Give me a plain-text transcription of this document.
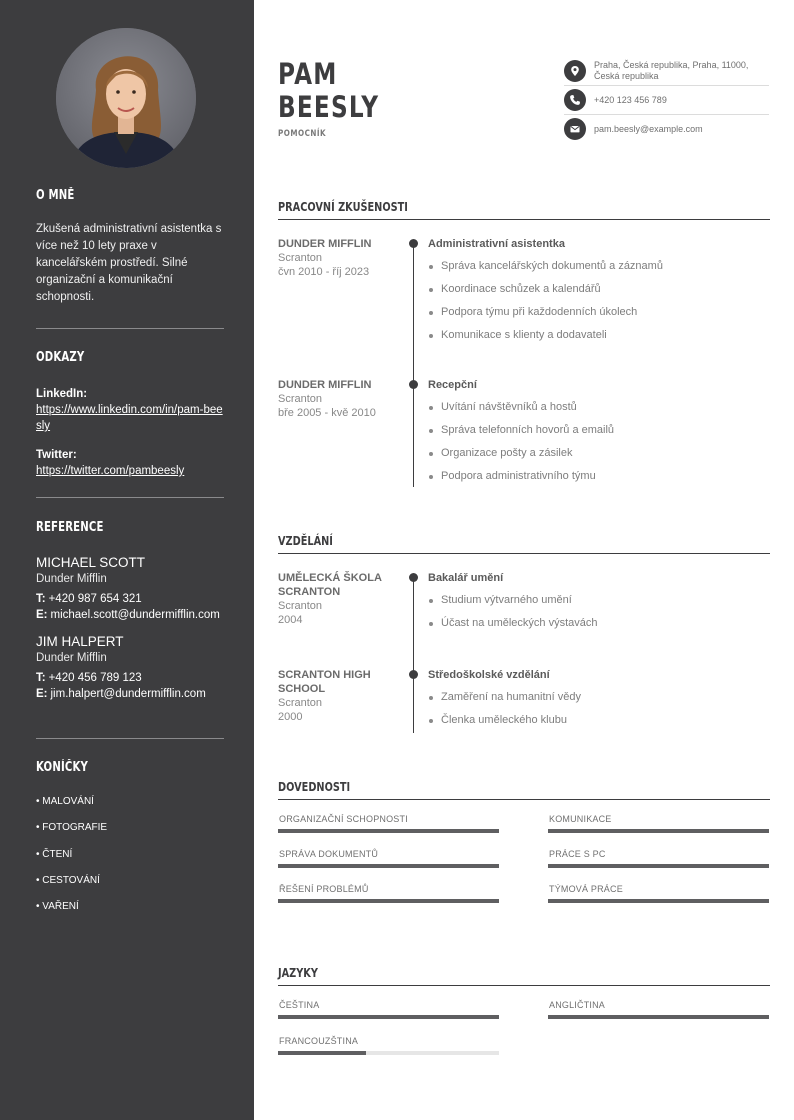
O MNĚ
Zkušená administrativní asistentka s více než 10 lety praxe v kancelářském prostředí. Silné organizační a komunikační schopnosti.
ODKAZY
LinkedIn:
https://www.linkedin.com/in/pam-beesly
Twitter:
https://twitter.com/pambeesly
REFERENCE
MICHAEL SCOTT
Dunder Mifflin
T: +420 987 654 321
E: michael.scott@dundermifflin.com
JIM HALPERT
Dunder Mifflin
T: +420 456 789 123
E: jim.halpert@dundermifflin.com
KONÍČKY
• MALOVÁNÍ
• FOTOGRAFIE
• ČTENÍ
• CESTOVÁNÍ
• VAŘENÍ
PAM
BEESLY
POMOCNÍK
Praha, Česká republika, Praha, 11000, Česká republika
+420 123 456 789
pam.beesly@example.com
PRACOVNÍ ZKUŠENOSTI
DUNDER MIFFLIN
Scranton
čvn 2010 - říj 2023
Administrativní asistentka
Správa kancelářských dokumentů a záznamů
Koordinace schůzek a kalendářů
Podpora týmu při každodenních úkolech
Komunikace s klienty a dodavateli
DUNDER MIFFLIN
Scranton
bře 2005 - kvě 2010
Recepční
Uvítání návštěvníků a hostů
Správa telefonních hovorů a emailů
Organizace pošty a zásilek
Podpora administrativního týmu
VZDĚLÁNÍ
UMĚLECKÁ ŠKOLA SCRANTON
Scranton
2004
Bakalář umění
Studium výtvarného umění
Účast na uměleckých výstavách
SCRANTON HIGH SCHOOL
Scranton
2000
Středoškolské vzdělání
Zaměření na humanitní vědy
Členka uměleckého klubu
DOVEDNOSTI
ORGANIZAČNÍ SCHOPNOSTI	KOMUNIKACE
SPRÁVA DOKUMENTŮ	PRÁCE S PC
ŘEŠENÍ PROBLÉMŮ	TÝMOVÁ PRÁCE
JAZYKY
ČEŠTINA	ANGLIČTINA
FRANCOUZŠTINA
